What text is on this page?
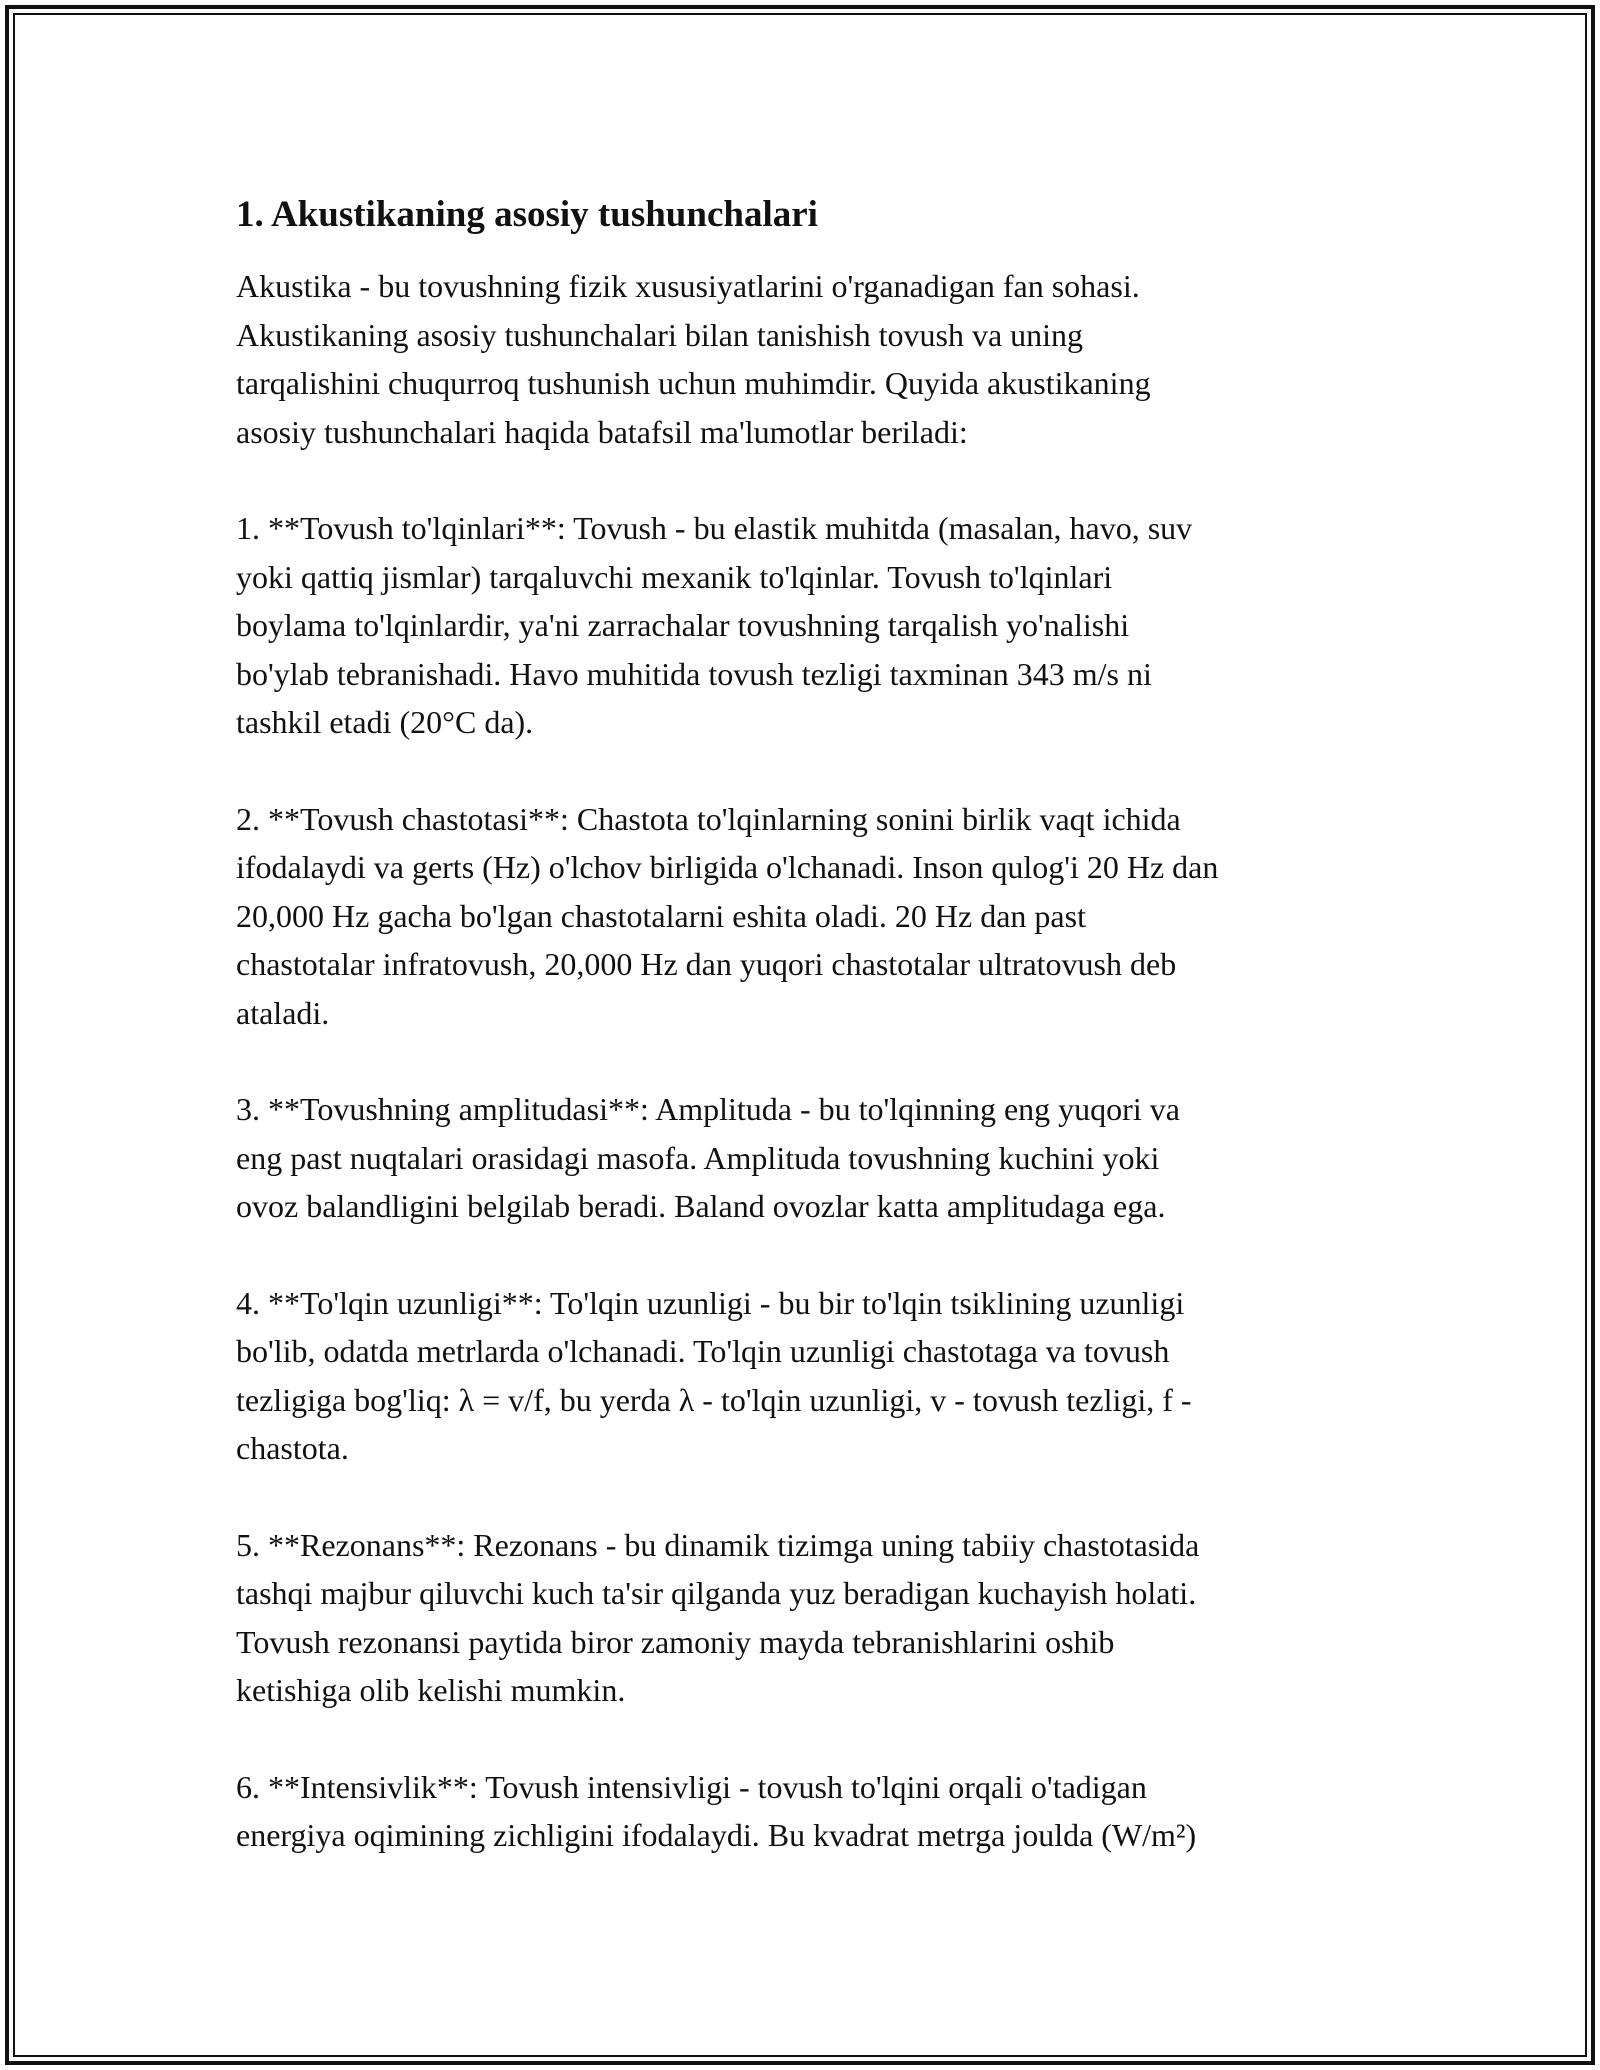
1. Akustikaning asosiy tushunchalari

Akustika - bu tovushning fizik xususiyatlarini o'rganadigan fan sohasi.
Akustikaning asosiy tushunchalari bilan tanishish tovush va uning
tarqalishini chuqurroq tushunish uchun muhimdir. Quyida akustikaning
asosiy tushunchalari haqida batafsil ma'lumotlar beriladi:

1. **Tovush to'lqinlari**: Tovush - bu elastik muhitda (masalan, havo, suv
yoki qattiq jismlar) tarqaluvchi mexanik to'lqinlar. Tovush to'lqinlari
boylama to'lqinlardir, ya'ni zarrachalar tovushning tarqalish yo'nalishi
bo'ylab tebranishadi. Havo muhitida tovush tezligi taxminan 343 m/s ni
tashkil etadi (20°C da).

2. **Tovush chastotasi**: Chastota to'lqinlarning sonini birlik vaqt ichida
ifodalaydi va gerts (Hz) o'lchov birligida o'lchanadi. Inson qulog'i 20 Hz dan
20,000 Hz gacha bo'lgan chastotalarni eshita oladi. 20 Hz dan past
chastotalar infratovush, 20,000 Hz dan yuqori chastotalar ultratovush deb
ataladi.

3. **Tovushning amplitudasi**: Amplituda - bu to'lqinning eng yuqori va
eng past nuqtalari orasidagi masofa. Amplituda tovushning kuchini yoki
ovoz balandligini belgilab beradi. Baland ovozlar katta amplitudaga ega.

4. **To'lqin uzunligi**: To'lqin uzunligi - bu bir to'lqin tsiklining uzunligi
bo'lib, odatda metrlarda o'lchanadi. To'lqin uzunligi chastotaga va tovush
tezligiga bog'liq: λ = v/f, bu yerda λ - to'lqin uzunligi, v - tovush tezligi, f -
chastota.

5. **Rezonans**: Rezonans - bu dinamik tizimga uning tabiiy chastotasida
tashqi majbur qiluvchi kuch ta'sir qilganda yuz beradigan kuchayish holati.
Tovush rezonansi paytida biror zamoniy mayda tebranishlarini oshib
ketishiga olib kelishi mumkin.

6. **Intensivlik**: Tovush intensivligi - tovush to'lqini orqali o'tadigan
energiya oqimining zichligini ifodalaydi. Bu kvadrat metrga joulda (W/m²)
